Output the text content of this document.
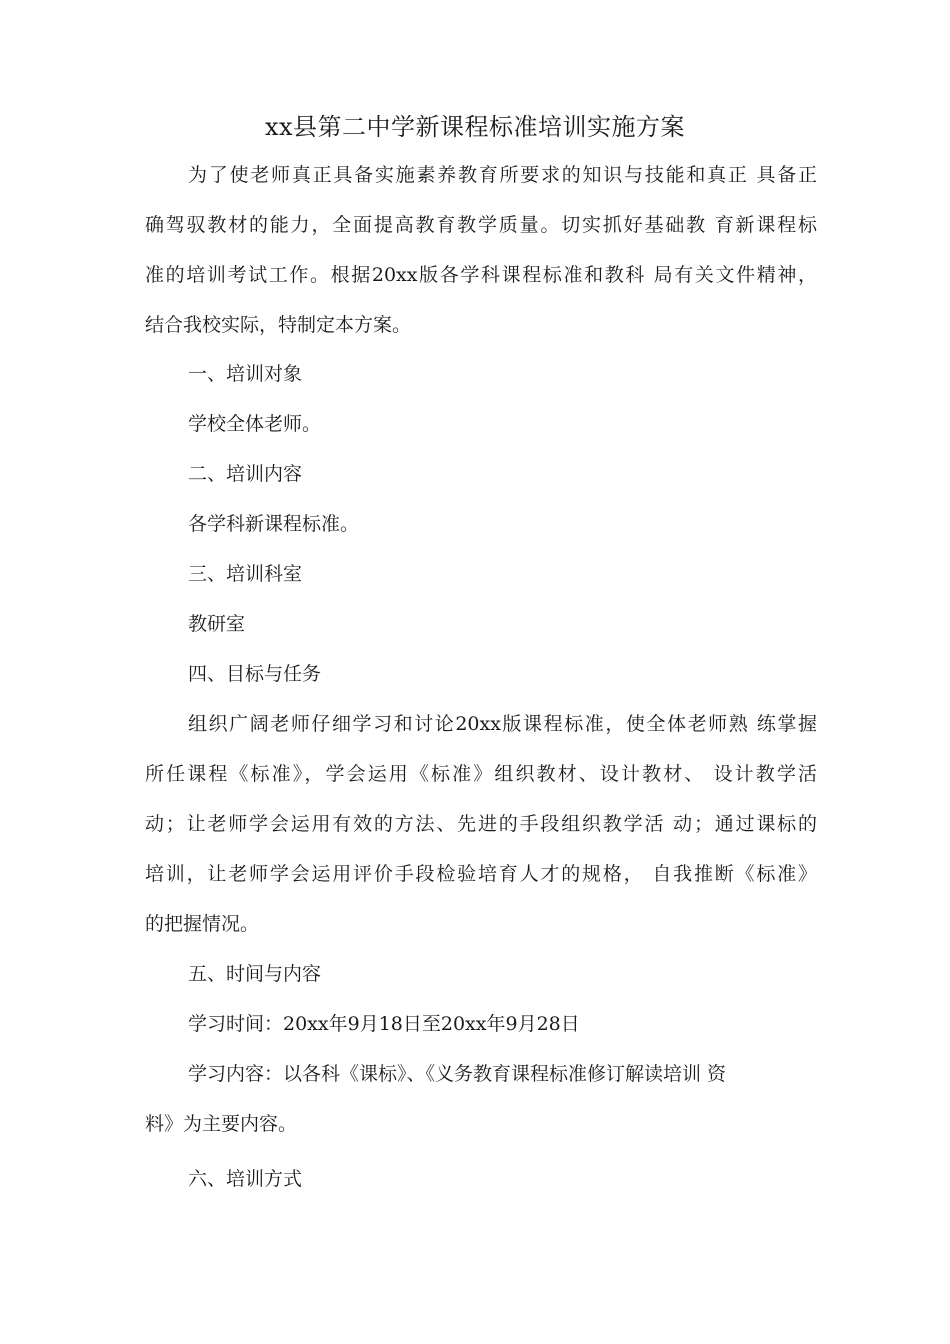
xx县第二中学新课程标准培训实施方案
为了使老师真正具备实施素养教育所要求的知识与技能和真正 具备正
确驾驭教材的能力，全面提高教育教学质量。切实抓好基础教 育新课程标
准的培训考试工作。根据20xx版各学科课程标准和教科 局有关文件精神，
结合我校实际，特制定本方案。
一、培训对象
学校全体老师。
二、培训内容
各学科新课程标准。
三、培训科室
教研室
四、目标与任务
组织广阔老师仔细学习和讨论20xx版课程标准，使全体老师熟 练掌握
所任课程《标准》，学会运用《标准》组织教材、设计教材、 设计教学活
动；让老师学会运用有效的方法、先进的手段组织教学活 动；通过课标的
培训，让老师学会运用评价手段检验培育人才的规格， 自我推断《标准》
的把握情况。
五、时间与内容
学习时间：20xx年9月18日至20xx年9月28日
学习内容：以各科《课标》、《义务教育课程标准修订解读培训 资
料》为主要内容。
六、培训方式
